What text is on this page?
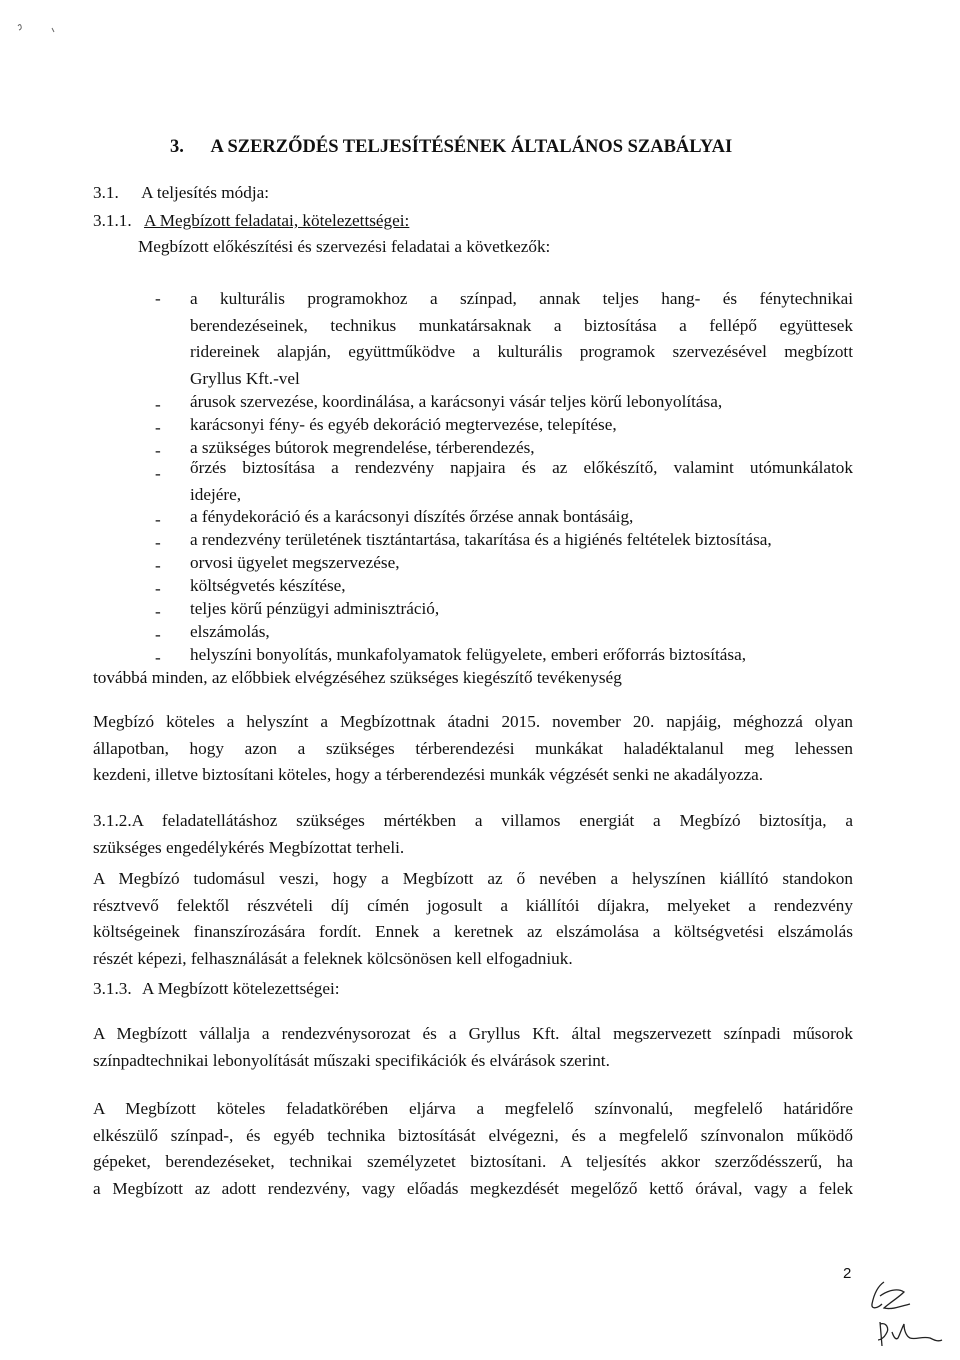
3. A SZERZŐDÉS TELJESÍTÉSÉNEK ÁLTALÁNOS SZABÁLYAI
3.1. A teljesítés módja:
3.1.1. A Megbízott feladatai, kötelezettségei:
Megbízott előkészítési és szervezési feladatai a következők:
- a kulturális programokhoz a színpad, annak teljes hang- és fénytechnikai
berendezéseinek, technikus munkatársaknak a biztosítása a fellépő együttesek
ridereinek alapján, együttműködve a kulturális programok szervezésével megbízott
Gryllus Kft.-vel
- árusok szervezése, koordinálása, a karácsonyi vásár teljes körű lebonyolítása,
- karácsonyi fény- és egyéb dekoráció megtervezése, telepítése,
- a szükséges bútorok megrendelése, térberendezés,
- őrzés biztosítása a rendezvény napjaira és az előkészítő, valamint utómunkálatok
idejére,
- a fénydekoráció és a karácsonyi díszítés őrzése annak bontásáig,
- a rendezvény területének tisztántartása, takarítása és a higiénés feltételek biztosítása,
- orvosi ügyelet megszervezése,
- költségvetés készítése,
- teljes körű pénzügyi adminisztráció,
- elszámolás,
- helyszíni bonyolítás, munkafolyamatok felügyelete, emberi erőforrás biztosítása,
továbbá minden, az előbbiek elvégzéséhez szükséges kiegészítő tevékenység
Megbízó köteles a helyszínt a Megbízottnak átadni 2015. november 20. napjáig, méghozzá olyan
állapotban, hogy azon a szükséges térberendezési munkákat haladéktalanul meg lehessen
kezdeni, illetve biztosítani köteles, hogy a térberendezési munkák végzését senki ne akadályozza.
3.1.2.A feladatellátáshoz szükséges mértékben a villamos energiát a Megbízó biztosítja, a
szükséges engedélykérés Megbízottat terheli.
A Megbízó tudomásul veszi, hogy a Megbízott az ő nevében a helyszínen kiállító standokon
résztvevő felektől részvételi díj címén jogosult a kiállítói díjakra, melyeket a rendezvény
költségeinek finanszírozására fordít. Ennek a keretnek az elszámolása a költségvetési elszámolás
részét képezi, felhasználását a feleknek kölcsönösen kell elfogadniuk.
3.1.3. A Megbízott kötelezettségei:
A Megbízott vállalja a rendezvénysorozat és a Gryllus Kft. által megszervezett színpadi műsorok
színpadtechnikai lebonyolítását műszaki specifikációk és elvárások szerint.
A Megbízott köteles feladatkörében eljárva a megfelelő színvonalú, megfelelő határidőre
elkészülő színpad-, és egyéb technika biztosítását elvégezni, és a megfelelő színvonalon működő
gépeket, berendezéseket, technikai személyzetet biztosítani. A teljesítés akkor szerződésszerű, ha
a Megbízott az adott rendezvény, vagy előadás megkezdését megelőző kettő órával, vagy a felek
2
